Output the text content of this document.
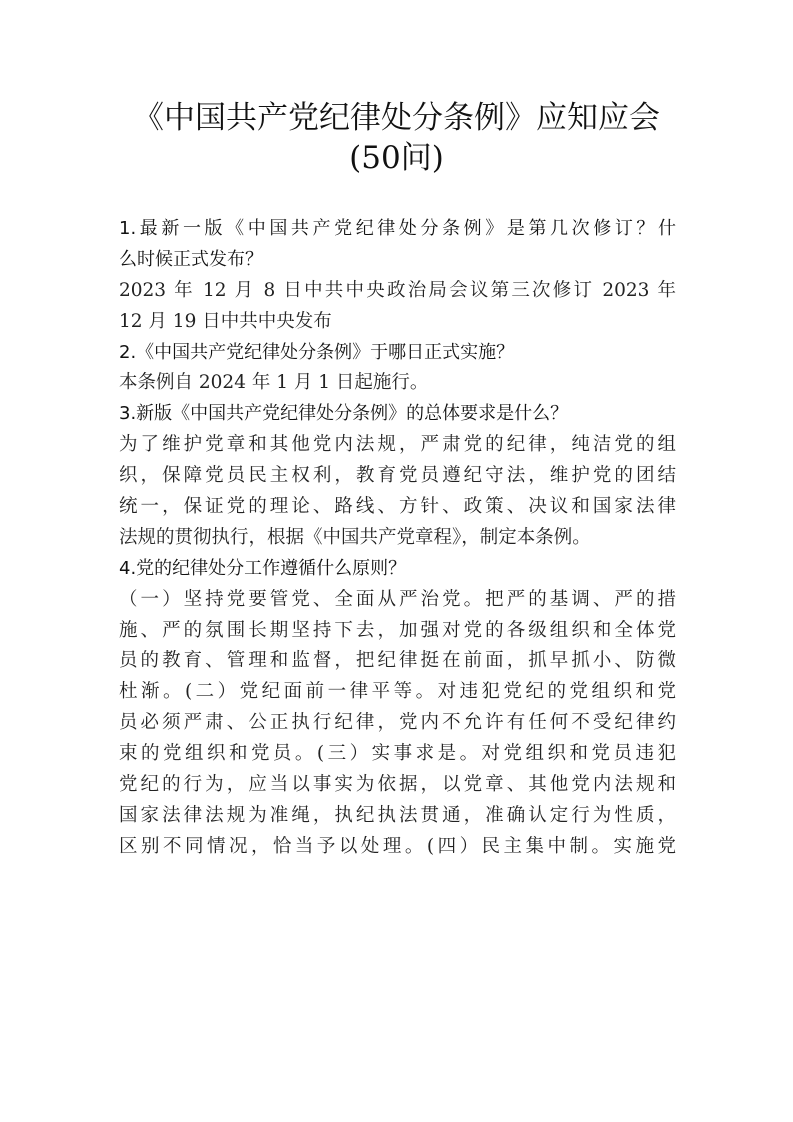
《中国共产党纪律处分条例》应知应会
(50问)
1.最新一版《中国共产党纪律处分条例》是第几次修订？什
么时候正式发布？
2023 年 12 月 8 日中共中央政治局会议第三次修订 2023 年
12 月 19 日中共中央发布
2.《中国共产党纪律处分条例》于哪日正式实施？
本条例自 2024 年 1 月 1 日起施行。
3.新版《中国共产党纪律处分条例》的总体要求是什么？
为了维护党章和其他党内法规，严肃党的纪律，纯洁党的组
织，保障党员民主权利，教育党员遵纪守法，维护党的团结
统一，保证党的理论、路线、方针、政策、决议和国家法律
法规的贯彻执行，根据《中国共产党章程》，制定本条例。
4.党的纪律处分工作遵循什么原则？
（一）坚持党要管党、全面从严治党。把严的基调、严的措
施、严的氛围长期坚持下去，加强对党的各级组织和全体党
员的教育、管理和监督，把纪律挺在前面，抓早抓小、防微
杜渐。(二）党纪面前一律平等。对违犯党纪的党组织和党
员必须严肃、公正执行纪律，党内不允许有任何不受纪律约
束的党组织和党员。(三）实事求是。对党组织和党员违犯
党纪的行为，应当以事实为依据，以党章、其他党内法规和
国家法律法规为准绳，执纪执法贯通，准确认定行为性质，
区别不同情况，恰当予以处理。(四）民主集中制。实施党
